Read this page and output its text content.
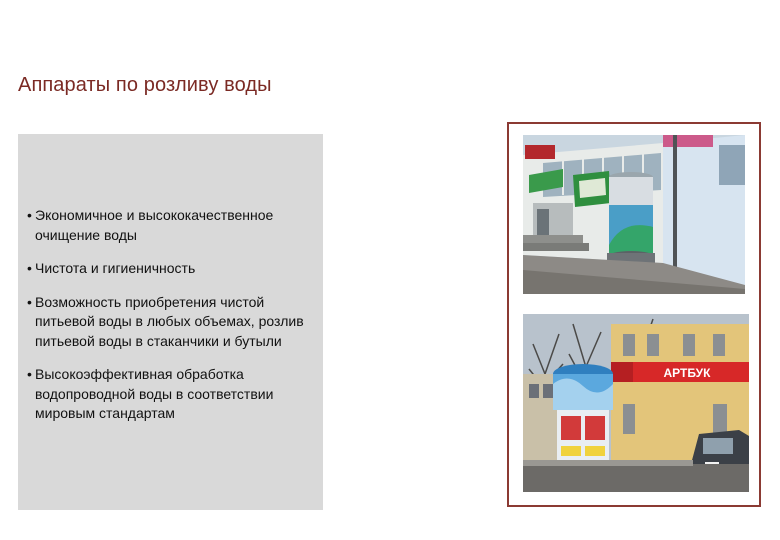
Аппараты по розливу воды
• Экономичное и высококачественное очищение воды
• Чистота и гигиеничность
• Возможность приобретения чистой питьевой воды в любых объемах, розлив питьевой воды в стаканчики и бутыли
• Высокоэффективная обработка водопроводной воды в соответствии мировым стандартам
АРТБУК
